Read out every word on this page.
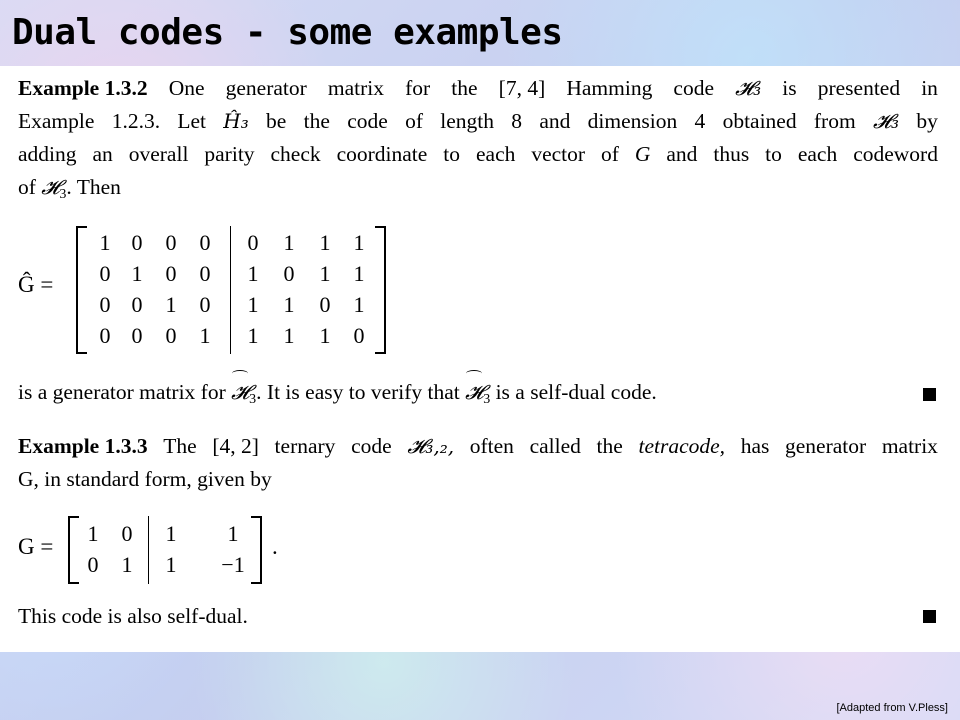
Dual codes - some examples
Example 1.3.2 One generator matrix for the [7, 4] Hamming code 𝓗₃ is presented in
Example 1.2.3. Let Ĥ₃ be the code of length 8 and dimension 4 obtained from 𝓗₃ by
adding an overall parity check coordinate to each vector of G and thus to each codeword
of 𝓗$_3$. Then
Ĝ =
1 0	0	0	0	1	1	1
0 1	0	0	1	0	1	1
0 0	1	0	1	1	0	1
0 0	0	1	1	1	1	0
is a generator matrix for 𝓗$_3$. It is easy to verify that 𝓗$_3$ is a self-dual code.
Example 1.3.3 The [4, 2] ternary code 𝓗₃,₂, often called the tetracode, has generator matrix
G, in standard form, given by
G =
1	0	1	1
0	1	1	−1
.
This code is also self-dual.
[Adapted from V.Pless]
